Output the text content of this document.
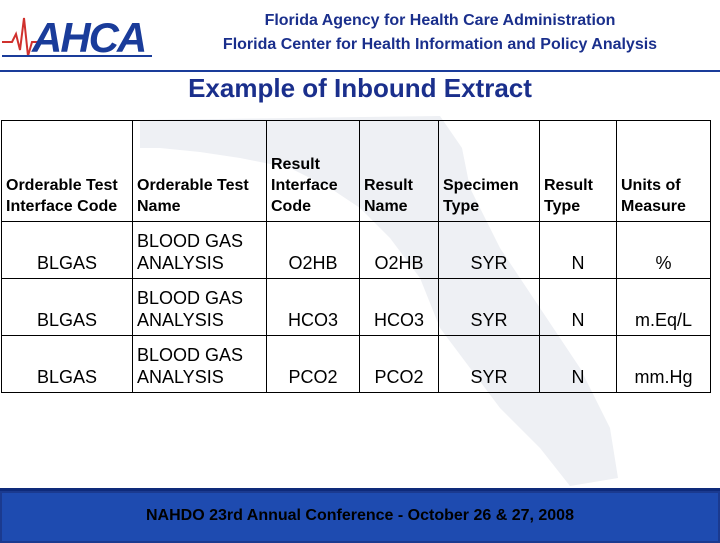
AHCA	Florida Agency for Health Care Administration
Florida Center for Health Information and Policy Analysis
Example of Inbound Extract
Orderable Test Interface Code	Orderable Test Name	Result Interface Code	Result Name	Specimen Type	Result Type	Units of Measure
BLGAS	BLOOD GAS ANALYSIS	O2HB	O2HB	SYR	N	%
BLGAS	BLOOD GAS ANALYSIS	HCO3	HCO3	SYR	N	m.Eq/L
BLGAS	BLOOD GAS ANALYSIS	PCO2	PCO2	SYR	N	mm.Hg
NAHDO 23rd Annual Conference - October 26 & 27, 2008
